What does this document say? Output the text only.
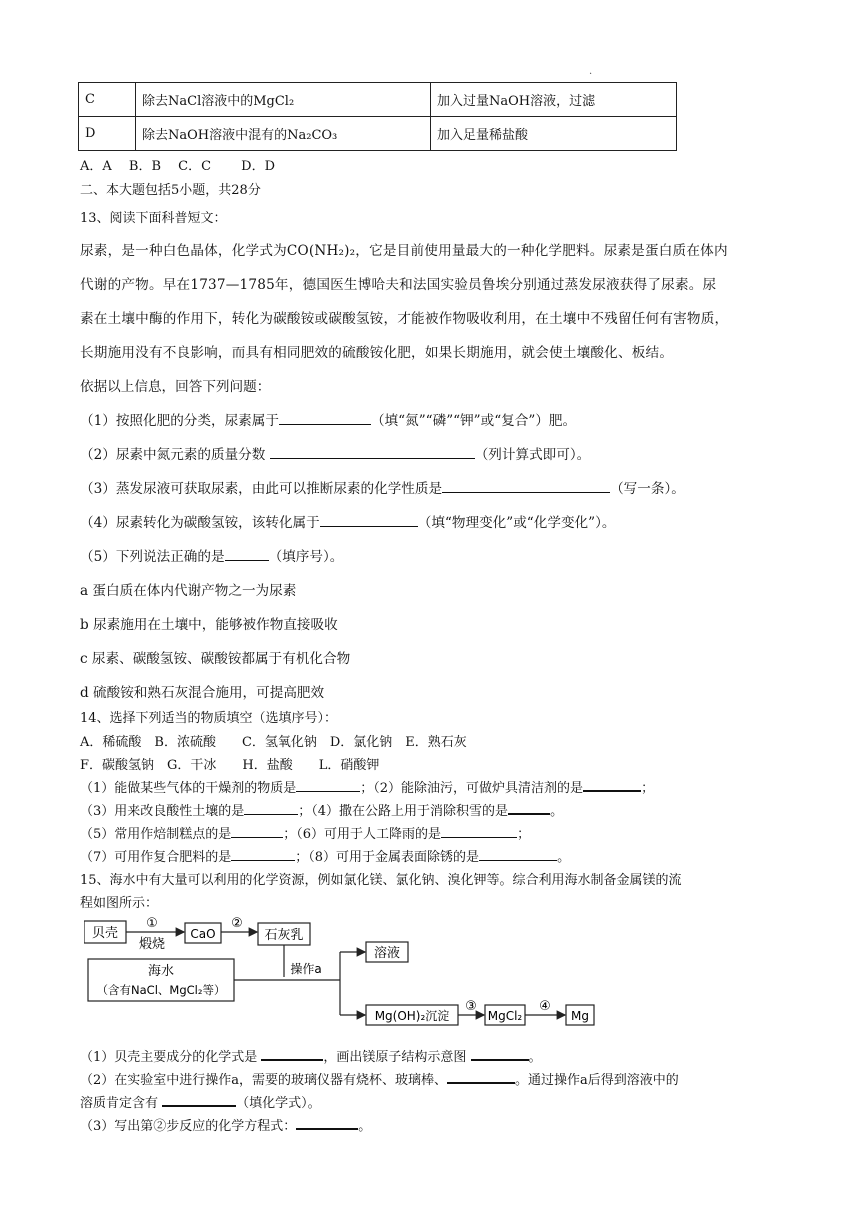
.
C	除去NaCl溶液中的MgCl₂	加入过量NaOH溶液，过滤
D	除去NaOH溶液中混有的Na₂CO₃	加入足量稀盐酸
A．A　 B．B　 C．C　　 D．D
二、本大题包括5小题，共28分
13、阅读下面科普短文：
尿素，是一种白色晶体，化学式为CO(NH₂)₂，它是目前使用量最大的一种化学肥料。尿素是蛋白质在体内
代谢的产物。早在1737—1785年，德国医生博哈夫和法国实验员鲁埃分别通过蒸发尿液获得了尿素。尿
素在土壤中酶的作用下，转化为碳酸铵或碳酸氢铵，才能被作物吸收利用，在土壤中不残留任何有害物质，
长期施用没有不良影响，而具有相同肥效的硫酸铵化肥，如果长期施用，就会使土壤酸化、板结。
依据以上信息，回答下列问题：
（1）按照化肥的分类，尿素属于	（填“氮”“磷”“钾”或“复合”）肥。
（2）尿素中氮元素的质量分数	（列计算式即可）。
（3）蒸发尿液可获取尿素，由此可以推断尿素的化学性质是	（写一条）。
（4）尿素转化为碳酸氢铵，该转化属于	（填“物理变化”或“化学变化”）。
（5）下列说法正确的是	（填序号）。
a 蛋白质在体内代谢产物之一为尿素
b 尿素施用在土壤中，能够被作物直接吸收
c 尿素、碳酸氢铵、碳酸铵都属于有机化合物
d 硫酸铵和熟石灰混合施用，可提高肥效
14、选择下列适当的物质填空（选填序号）：
A．稀硫酸　B．浓硫酸　　C．氢氧化钠　D．氯化钠　E．熟石灰
F．碳酸氢钠　G．干冰　　H．盐酸　　L．硝酸钾
（1）能做某些气体的干燥剂的物质是	；（2）能除油污，可做炉具清洁剂的是	；
（3）用来改良酸性土壤的是	；（4）撒在公路上用于消除积雪的是	。
（5）常用作焙制糕点的是	；（6）可用于人工降雨的是	；
（7）可用作复合肥料的是	；（8）可用于金属表面除锈的是	。
15、海水中有大量可以利用的化学资源，例如氯化镁、氯化钠、溴化钾等。综合利用海水制备金属镁的流
程如图所示：
贝壳
①
煅烧
CaO
②
石灰乳
海水
（含有NaCl、MgCl₂等）
操作a
溶液
Mg(OH)₂沉淀
③
MgCl₂
④
Mg
（1）贝壳主要成分的化学式是	，画出镁原子结构示意图	。
（2）在实验室中进行操作a，需要的玻璃仪器有烧杯、玻璃棒、	。通过操作a后得到溶液中的
溶质肯定含有	（填化学式）。
（3）写出第②步反应的化学方程式：	。
